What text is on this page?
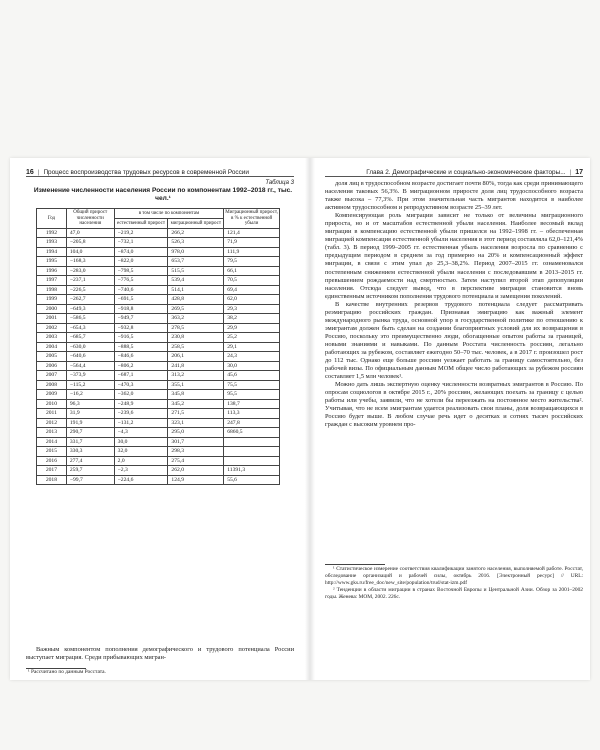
16 | Процесс воспроизводства трудовых ресурсов в современной России
Таблица 3
Изменение численности населения России по компонентам 1992–2018 гг., тыс. чел.¹
Год	Общий прирост численности населения	в том числе по компонентам		Миграционный прирост, в % к естественной убыли
		естественный прирост	миграционный прирост	
1992	47,0	−219,2	266,2	121,4
1993	−205,8	−732,1	526,3	71,9
1994	104,0	−874,0	978,0	111,9
1995	−168,3	−822,0	653,7	79,5
1996	−283,0	−798,5	515,5	66,1
1997	−237,1	−776,5	539,4	70,5
1998	−226,5	−740,6	514,1	69,4
1999	−262,7	−691,5	428,8	62,0
2000	−649,3	−918,8	269,5	29,3
2001	−586,5	−949,7	363,2	38,2
2002	−654,3	−932,8	278,5	29,9
2003	−685,7	−916,5	230,8	25,2
2004	−630,0	−888,5	258,5	29,1
2005	−640,6	−846,6	206,1	24,3
2006	−564,4	−806,2	241,8	30,0
2007	−373,9	−687,1	313,2	45,6
2008	−115,2	−470,3	355,1	75,5
2009	−16,2	−362,0	345,8	95,5
2010	96,3	−248,9	345,2	138,7
2011	31,9	−239,6	271,5	113,3
2012	191,9	−131,2	323,1	247,8
2013	290,7	−4,3	295,0	6860,5
2014	331,7	30,0	301,7	
2015	330,3	32,0	298,3	
2016	277,4	2,0	275,4	
2017	259,7	−2,3	262,0	11391,3
2018	−99,7	−224,6	124,9	55,6
Важным компонентом пополнения демографического и трудового потенциала России выступает миграция. Среди прибывающих мигран-
¹ Рассчитано по данным Росстата.
Глава 2. Демографические и социально-экономические факторы... | 17

доля лиц в трудоспособном возрасте достигает почти 80%, тогда как среди принимающего населения таковых 56,3%. В миграционном приросте доля лиц трудоспособного возраста также высока – 77,3%. При этом значительная часть мигрантов находится в наиболее активном трудоспособном и репродуктивном возрасте 25–39 лет.

Компенсирующая роль миграции зависит не только от величины миграционного прироста, но и от масштабов естественной убыли населения. Наиболее весомый вклад миграции в компенсацию естественной убыли пришелся на 1992–1998 гг. – обеспеченная миграцией компенсация естественной убыли населения в этот период составляла 62,0–121,4% (табл. 3). В период 1999–2005 гг. естественная убыль населения возросла по сравнению с предыдущим периодом в среднем за год примерно на 20% и компенсационный эффект миграции, в связи с этим упал до 25,3–38,2%. Период 2007–2015 гг. ознаменовался постепенным снижением естественной убыли населения с последовавшим в 2013–2015 гг. превышением рождаемости над смертностью. Затем наступил второй этап депопуляции населения. Отсюда следует вывод, что в перспективе миграция становится вновь единственным источником пополнения трудового потенциала и замещения поколений.

В качестве внутренних резервов трудового потенциала следует рассматривать реэмиграцию российских граждан. Признавая эмиграцию как важный элемент международного рынка труда, основной упор в государственной политике по отношению к эмигрантам должен быть сделан на создании благоприятных условий для их возвращения в Россию, поскольку это преимущественно люди, обогащенные опытом работы за границей, новыми знаниями и навыками. По данным Росстата численность россиян, легально работающих за рубежом, составляет ежегодно 50–70 тыс. человек, а в 2017 г. произошел рост до 112 тыс. Однако еще больше россиян уезжает работать за границу самостоятельно, без рабочей визы. По официальным данным МОМ общее число работающих за рубежом россиян составляет 1,5 млн человек¹.

Можно дать лишь экспертную оценку численности возвратных эмигрантов в Россию. По опросам социологов в октябре 2015 г., 20% россиян, желающих поехать за границу с целью работы или учебы, заявили, что не хотели бы переезжать на постоянное место жительства². Учитывая, что не всем эмигрантам удается реализовать свои планы, доля возвращающихся в Россию будет выше. В любом случае речь идет о десятках и сотнях тысяч российских граждан с высоким уровнем про-

¹ Статистическое измерение соответствия квалификации занятого населения, выполняемой работе. Росстат, обследование организаций и рабочей силы, октябрь 2016. [Электронный ресурс] // URL: http://www.gks.ru/free_doc/new_site/population/trud/stat-izm.pdf

² Тенденции в области миграции в странах Восточной Европы и Центральной Азии. Обзор за 2001–2002 годы. Женева: МОМ, 2002. 226с.
